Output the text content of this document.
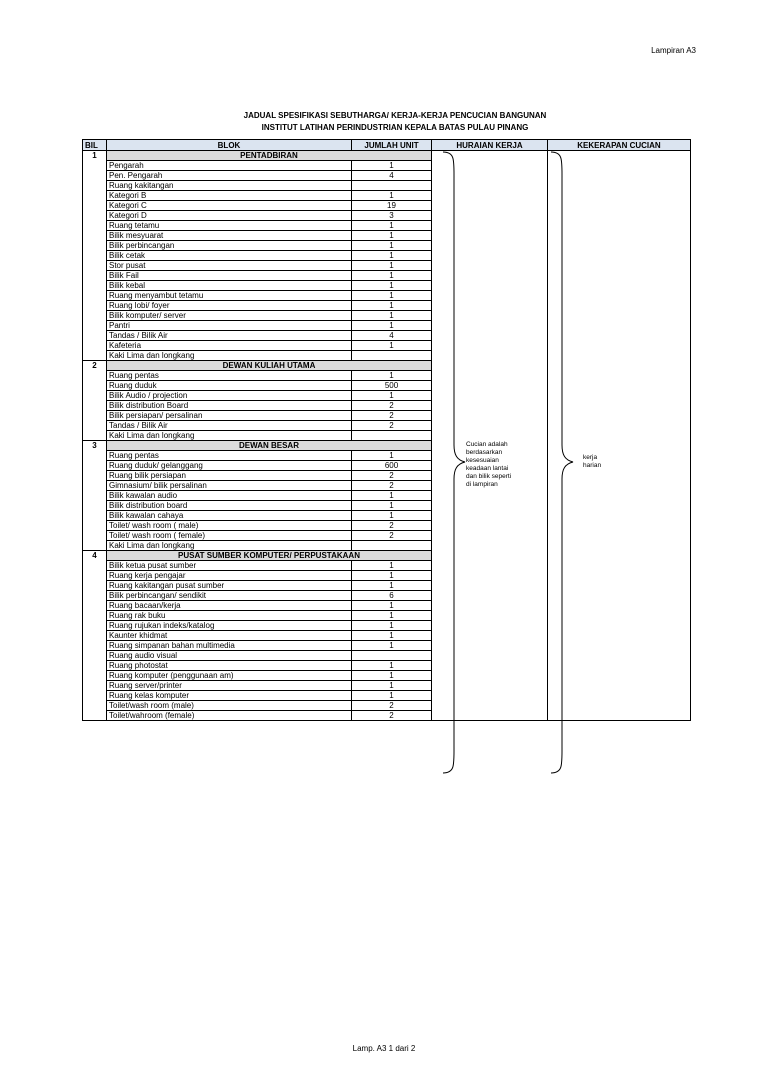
Lampiran A3
JADUAL SPESIFIKASI SEBUTHARGA/ KERJA-KERJA PENCUCIAN BANGUNAN
INSTITUT LATIHAN PERINDUSTRIAN KEPALA BATAS PULAU PINANG
BIL	BLOK	JUMLAH UNIT	HURAIAN KERJA	KEKERAPAN CUCIAN
1	PENTADBIRAN			
	Pengarah	1		
	Pen. Pengarah	4		
	Ruang kakitangan			
	Kategori B	1		
	Kategori C	19		
	Kategori D	3		
	Ruang tetamu	1		
	Bilik mesyuarat	1		
	Bilik perbincangan	1		
	Bilik cetak	1		
	Stor pusat	1		
	Bilik Fail	1		
	Bilik kebal	1		
	Ruang menyambut tetamu	1		
	Ruang lobi/ foyer	1		
	Bilik komputer/ server	1		
	Pantri	1		
	Tandas / Bilik Air	4		
	Kafeteria	1		
	Kaki Lima dan longkang			
2	DEWAN KULIAH UTAMA			
	Ruang pentas	1		
	Ruang duduk	500		
	Bilik Audio / projection	1		
	Bilik distribution Board	2		
	Bilik persiapan/ persalinan	2		
	Tandas / Bilik Air	2		
	Kaki Lima dan longkang			
3	DEWAN BESAR			
	Ruang pentas	1		
	Ruang duduk/ gelanggang	600		
	Ruang bilik persiapan	2		
	Gimnasium/ bilik persalinan	2		
	Bilik kawalan audio	1		
	Bilik distribution board	1		
	Bilik kawalan cahaya	1		
	Toilet/ wash room ( male)	2		
	Toilet/ wash room ( female)	2		
	Kaki Lima dan longkang			
4	PUSAT SUMBER KOMPUTER/ PERPUSTAKAAN			
	Bilik ketua pusat sumber	1		
	Ruang kerja pengajar	1		
	Ruang kakitangan pusat sumber	1		
	Bilik perbincangan/ sendikit	6		
	Ruang bacaan/kerja	1		
	Ruang rak buku	1		
	Ruang rujukan indeks/katalog	1		
	Kaunter khidmat	1		
	Ruang simpanan bahan multimedia	1		
	Ruang audio visual			
	Ruang photostat	1		
	Ruang komputer (penggunaan am)	1		
	Ruang server/printer	1		
	Ruang kelas komputer	1		
	Toilet/wash room (male)	2		
	Toilet/wahroom (female)	2		
Cucian adalah
berdasarkan
kesesuaian
keadaan lantai
dan bilik seperti
di lampiran
kerja
harian
Lamp. A3 1 dari 2
